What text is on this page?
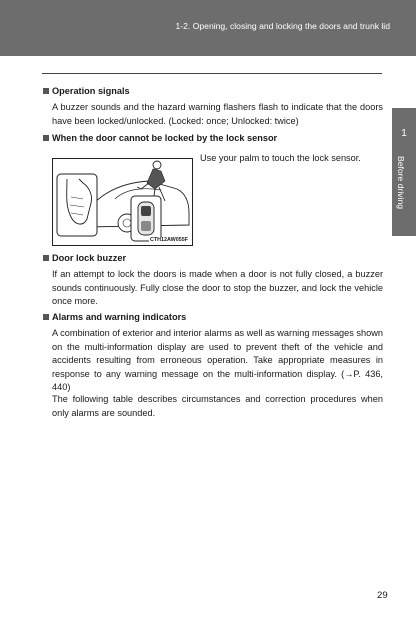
1-2. Opening, closing and locking the doors and trunk lid
1
Before driving
Operation signals

A buzzer sounds and the hazard warning flashers flash to indicate that the doors have been locked/unlocked. (Locked: once; Unlocked: twice)

When the door cannot be locked by the lock sensor
Use your palm to touch the lock sensor.
CTH12AW055F
Door lock buzzer

If an attempt to lock the doors is made when a door is not fully closed, a buzzer sounds continuously. Fully close the door to stop the buzzer, and lock the vehicle once more.

Alarms and warning indicators

A combination of exterior and interior alarms as well as warning messages shown on the multi-information display are used to prevent theft of the vehicle and accidents resulting from erroneous operation. Take appropriate measures in response to any warning message on the multi-information display. (→P. 436, 440)

The following table describes circumstances and correction procedures when only alarms are sounded.

29
